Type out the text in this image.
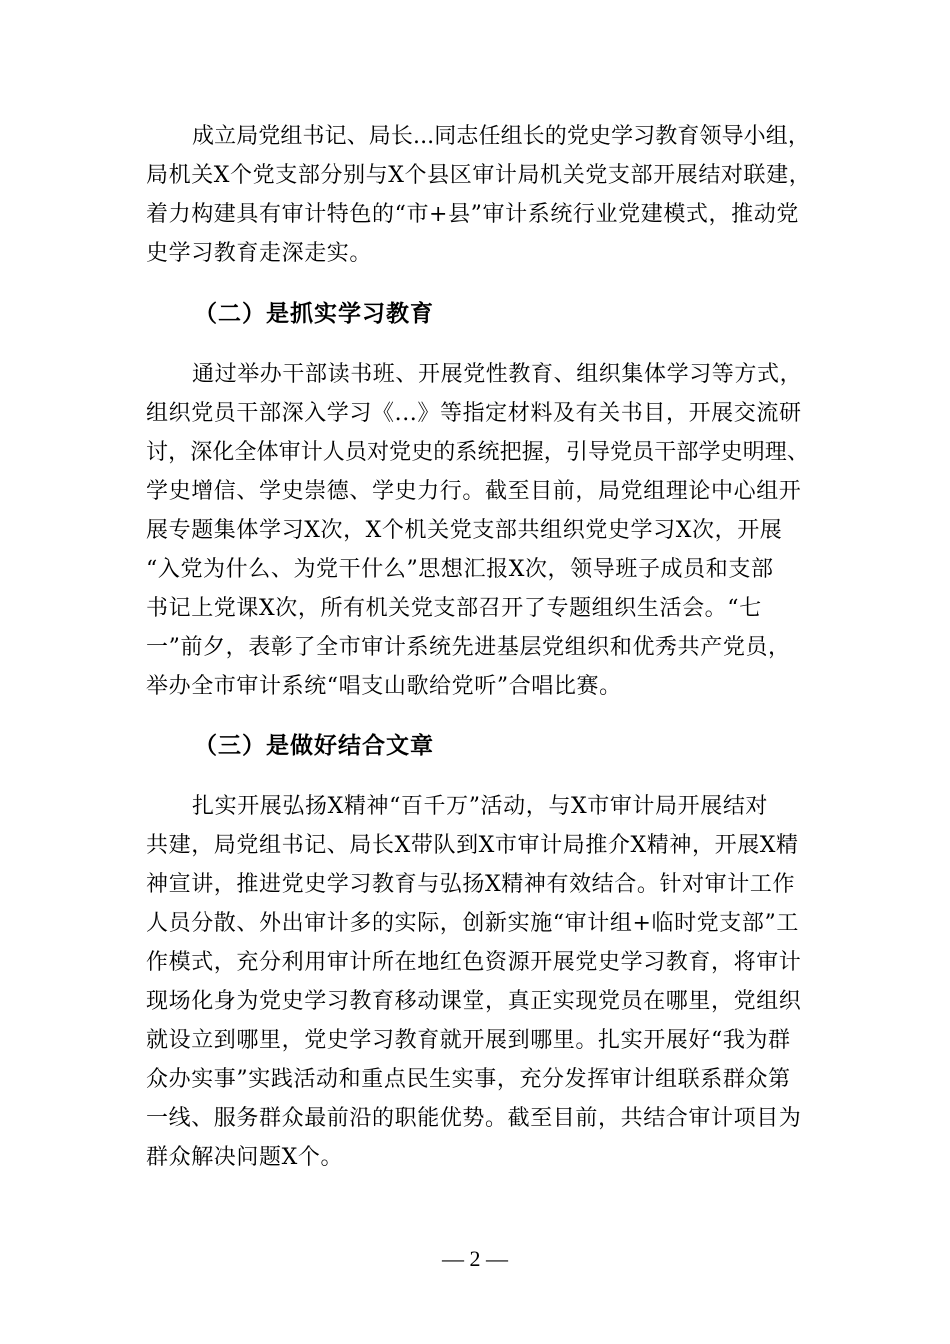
成立局党组书记、局长...同志任组长的党史学习教育领导小组，
局机关X个党支部分别与X个县区审计局机关党支部开展结对联建，
着力构建具有审计特色的“市+县”审计系统行业党建模式，推动党
史学习教育走深走实。
（二）是抓实学习教育
通过举办干部读书班、开展党性教育、组织集体学习等方式，
组织党员干部深入学习《...》等指定材料及有关书目，开展交流研
讨，深化全体审计人员对党史的系统把握，引导党员干部学史明理、
学史增信、学史崇德、学史力行。截至目前，局党组理论中心组开
展专题集体学习X次，X个机关党支部共组织党史学习X次，开展
“入党为什么、为党干什么”思想汇报X次，领导班子成员和支部
书记上党课X次，所有机关党支部召开了专题组织生活会。“七
一”前夕，表彰了全市审计系统先进基层党组织和优秀共产党员，
举办全市审计系统“唱支山歌给党听”合唱比赛。
（三）是做好结合文章
扎实开展弘扬X精神“百千万”活动，与X市审计局开展结对
共建，局党组书记、局长X带队到X市审计局推介X精神，开展X精
神宣讲，推进党史学习教育与弘扬X精神有效结合。针对审计工作
人员分散、外出审计多的实际，创新实施“审计组+临时党支部”工
作模式，充分利用审计所在地红色资源开展党史学习教育，将审计
现场化身为党史学习教育移动课堂，真正实现党员在哪里，党组织
就设立到哪里，党史学习教育就开展到哪里。扎实开展好“我为群
众办实事”实践活动和重点民生实事，充分发挥审计组联系群众第
一线、服务群众最前沿的职能优势。截至目前，共结合审计项目为
群众解决问题X个。
— 2 —
